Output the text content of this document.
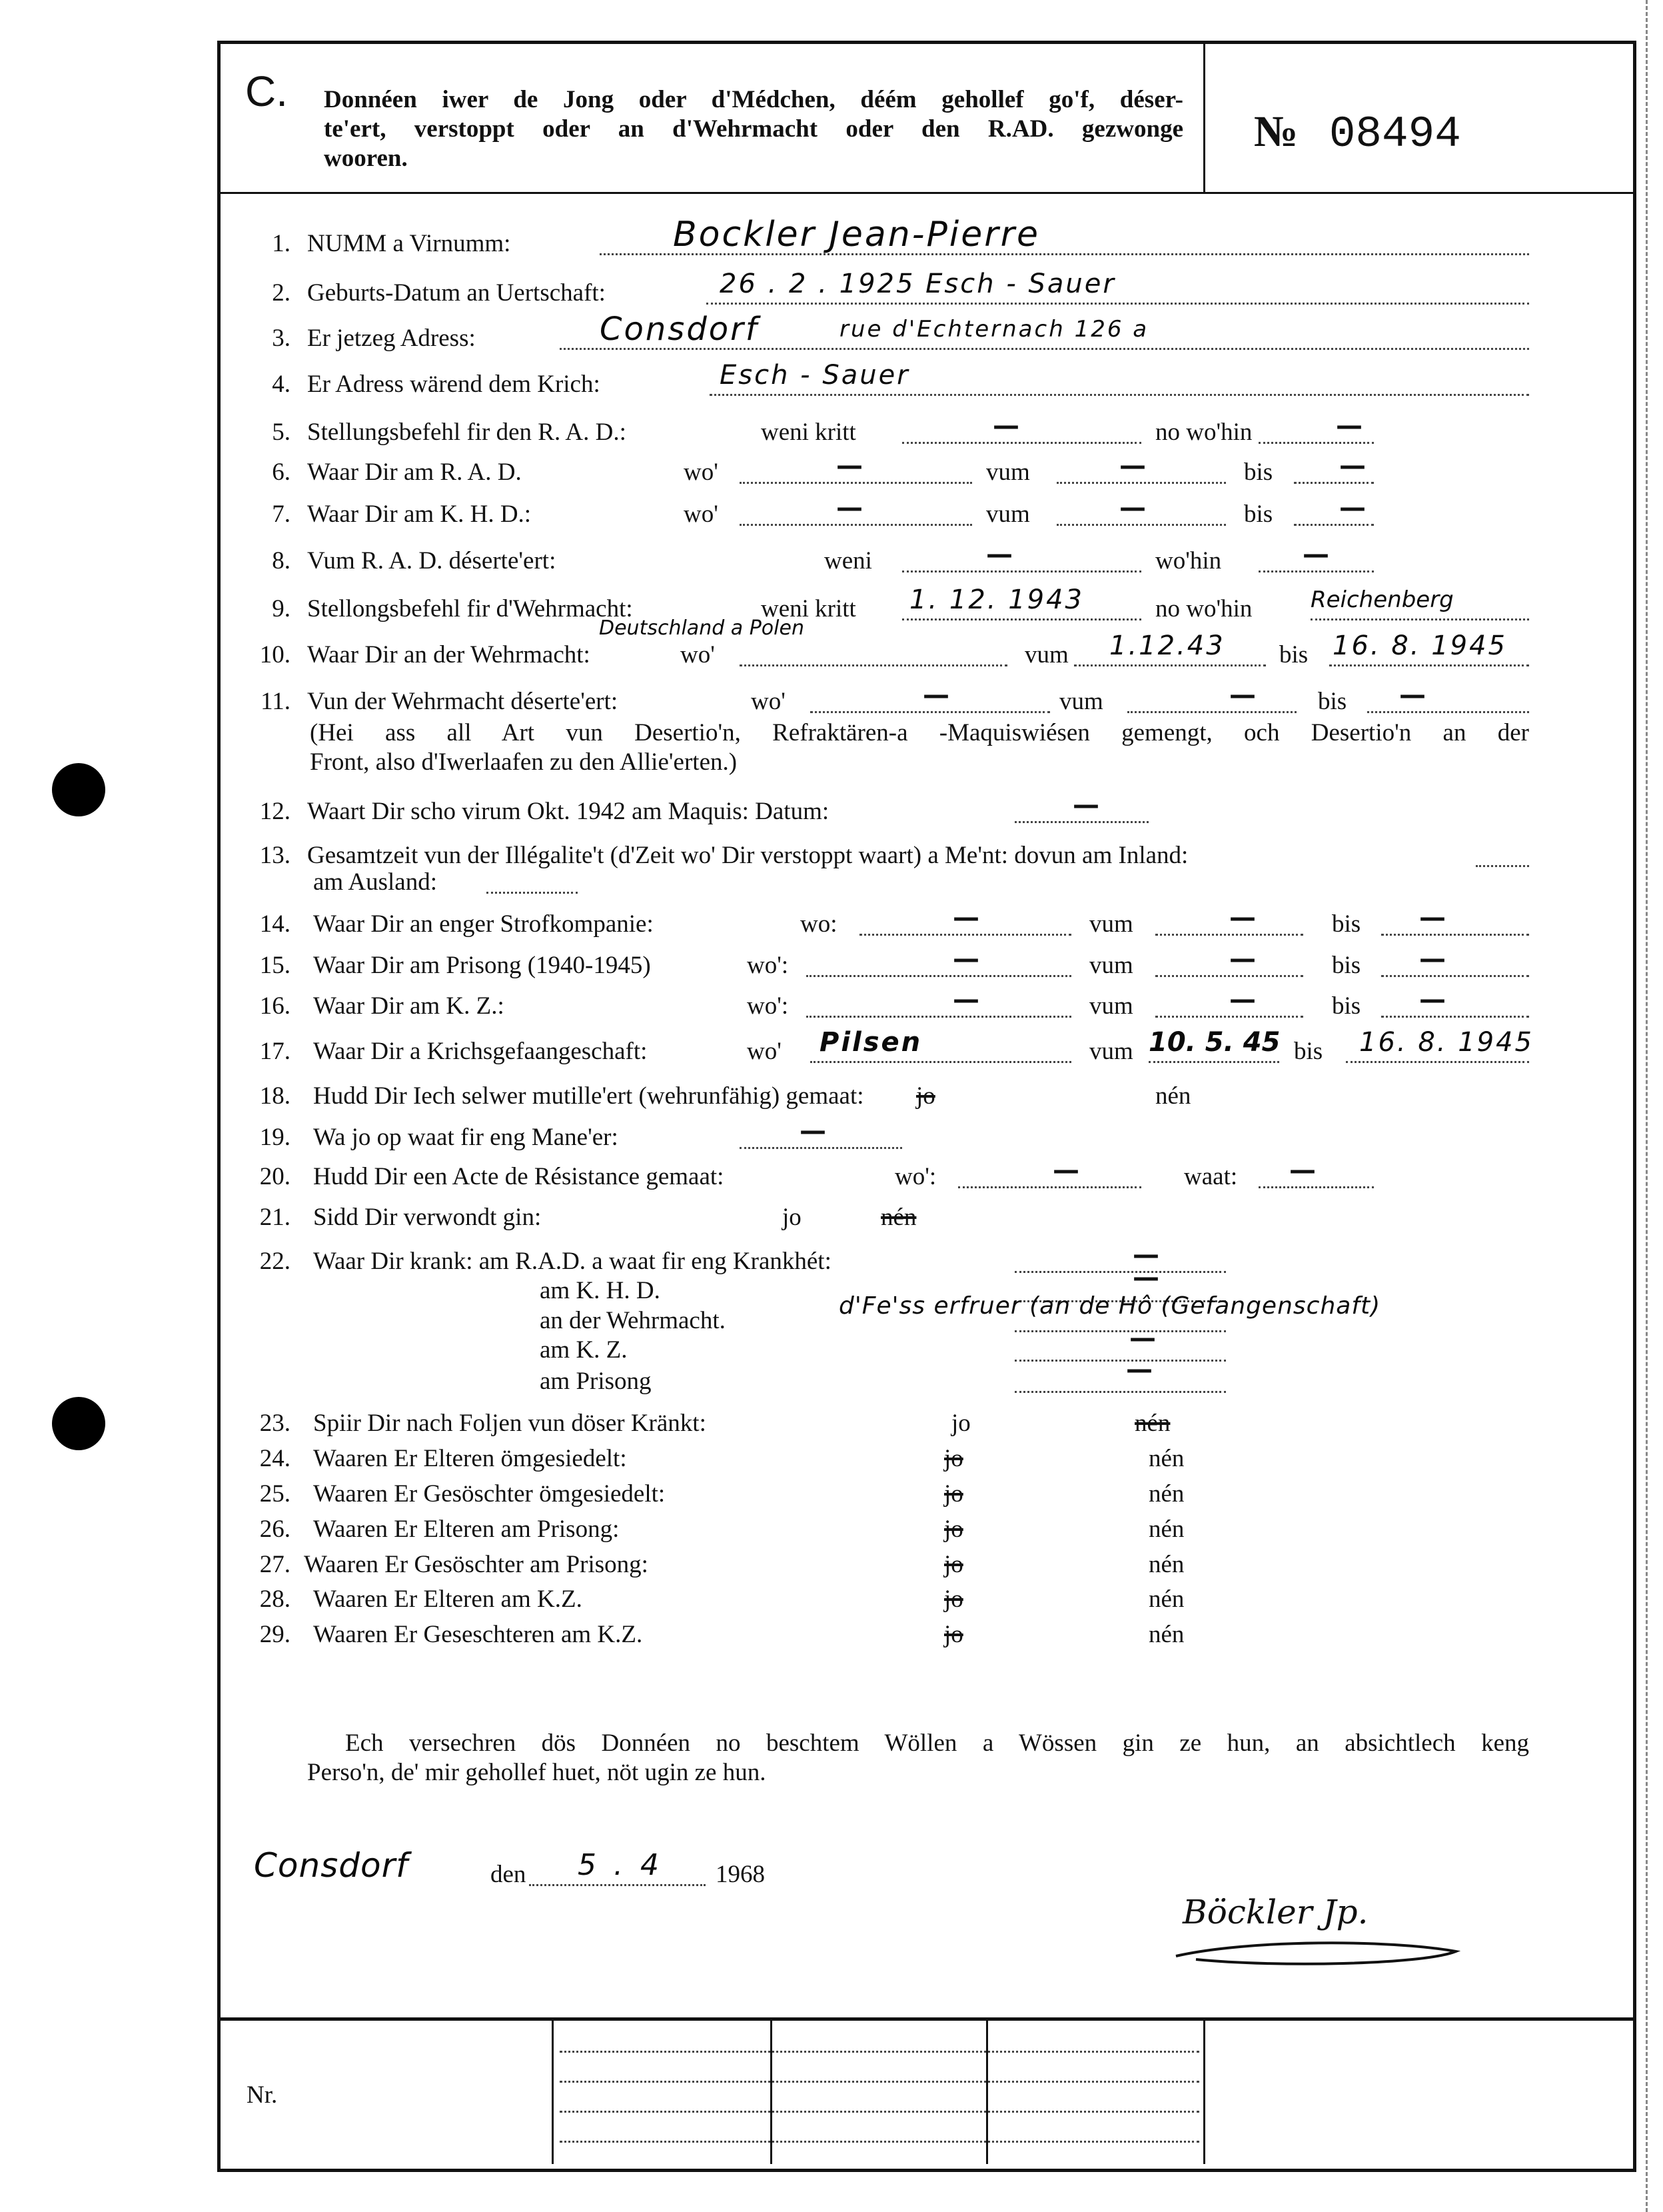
C. Donnéen iwer de Jong oder d'Médchen, déém gehollef go'f, déser-
te'ert, verstoppt oder an d'Wehrmacht oder den R.AD. gezwonge
wooren.
№ 08494
1. NUMM a Virnumm:	Bockler Jean-Pierre
2. Geburts-Datum an Uertschaft:	26 . 2 . 1925 Esch - Sauer
3. Er jetzeg Adress:	Consdorf	rue d'Echternach 126 a
4. Er Adress wärend dem Krich:	Esch - Sauer
5. Stellungsbefehl fir den R. A. D.:	weni kritt	—	no wo'hin	—
6. Waar Dir am R. A. D.	wo'	—	vum	—	bis —
7. Waar Dir am K. H. D.:	wo'	—	vum	—	bis —
8. Vum R. A. D. déserte'ert:	weni	—	wo'hin	—
9. Stellongsbefehl fir d'Wehrmacht:	weni kritt 1. 12. 1943	no wo'hin	Reichenberg
10. Waar Dir an der Wehrmacht:	wo'
Deutschland a Polen
vum 1.12.43 bis 16. 8. 1945
11. Vun der Wehrmacht déserte'ert:	wo'	—	vum	—	bis —
(Hei ass all Art vun Desertio'n, Refraktären-a -Maquiswiésen gemengt, och Desertio'n an der
Front, also d'Iwerlaafen zu den Allie'erten.)
12. Waart Dir scho virum Okt. 1942 am Maquis: Datum:	—
13. Gesamtzeit vun der Illégalite't (d'Zeit wo' Dir verstoppt waart) a Me'nt: dovun am Inland:
am Ausland:
14. Waar Dir an enger Strofkompanie:	wo:	—	vum	—	bis —
15. Waar Dir am Prisong (1940-1945)	wo':	—	vum	—	bis —
16. Waar Dir am K. Z.:	wo':	—	vum	—	bis —
17. Waar Dir a Krichsgefaangeschaft:	wo' Pilsen	vum 10. 5. 45 bis 16. 8. 1945
18. Hudd Dir Iech selwer mutille'ert (wehrunfähig) gemaat: jo	nén
19. Wa jo op waat fir eng Mane'er:	—
20. Hudd Dir een Acte de Résistance gemaat:	wo':	—	waat: —
21. Sidd Dir verwondt gin:	jo	nén
22. Waar Dir krank: am R.A.D. a waat fir eng Krankhét:	—
am K. H. D.	—
an der Wehrmacht.
d'Fe'ss erfruer (an de Hô (Gefangenschaft)
am K. Z.	—
am Prisong	—
23. Spiir Dir nach Foljen vun döser Kränkt:	jo	nén
24. Waaren Er Elteren ömgesiedelt:	jo	nén
25. Waaren Er Gesöschter ömgesiedelt:	jo	nén
26. Waaren Er Elteren am Prisong:	jo	nén
27. Waaren Er Gesöschter am Prisong:	jo	nén
28. Waaren Er Elteren am K.Z.	jo	nén
29. Waaren Er Geseschteren am K.Z.	jo	nén
Ech versechren dös Donnéen no beschtem Wöllen a Wössen gin ze hun, an absichtlech keng
Perso'n, de' mir gehollef huet, nöt ugin ze hun.
Consdorf	den 5 . 4 1968
Böckler Jp.
Nr.
